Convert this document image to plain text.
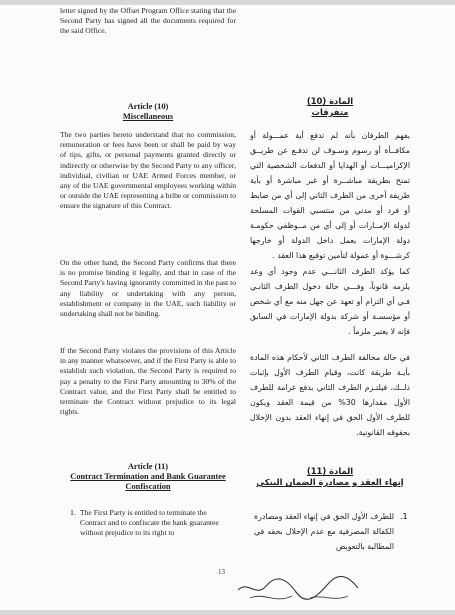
letter signed by the Offset Program Office stating that the Second Party has signed all the documents required for the said Office.

Article (10)
Miscellaneous

The two parties hereto understand that no commission, remuneration or fees have been or shall be paid by way of tips, gifts, or personal payments granted directly or indirectly or otherwise by the Second Party to any officer, individual, civilian or UAE Armed Forces member, or any of the UAE governmental employees working within or outside the UAE representing a bribe or commission to ensure the signature of this Contract.

On the other hand, the Second Party confirms that there is no promise binding it legally, and that in case of the Second Party's having ignorantly committed in the past to any liability or undertaking with any person, establishment or company in the UAE, such liability or undertaking shall not be binding.

If the Second Party violates the provisions of this Article in any manner whatsoever, and if the First Party is able to establish such violation, the Second Party is required to pay a penalty to the First Party amounting to 30% of the Contract value, and the First Party shall be entitled to terminate the Contract without prejudice to its legal rights.

Article (11)
Contract Termination and Bank Guarantee Confiscation
1. The First Party is entitled to terminate the Contract and to confiscate the bank guarantee without prejudice to its right to

المادة (10)
متفرقات

يفهم الطرفان بأنه لم تدفع أية عمـــولة أو مكافــأة أو رسوم وسـوف لن تدفـع عن طريــق الإكراميـــات أو الهدايا أو الدفعات الشخصية التي تمنح بطريقة مباشــرة أو غير مباشرة أو بأية طريقة أخرى من الطرف الثاني إلى أي من ضابط أو فرد أو مدني من منتسبي القوات المسلحة لدولة الإمــارات أو إلى أي من مــوظفي حكومـة دولة الإمارات يعمل داخل الدولة أو خارجها كرشـــوة أو عمولة لتأمين توقيع هذا العقد .

كما يؤكد الطرف الثانـــي عدم وجود أي وعد يلزمه قانوناً، وفـــي حالة دخول الطرف الثانـي فـي أي التزام أو تعهد عن جهل منه مع أي شخص أو مؤسسـة أو شركة بدولة الإمارات في السابق فإنه لا يعتبر ملزماً .

في حالة مخالفة الطرف الثاني لأحكام هذه المادة بأيـة طريقة كانت، وقيام الطرف الأول بإثبات ذلــك، فيلتـزم الطرف الثاني بدفع غرامة للطرف الأول مقدارها 30% من قيمة العقد ويكون للطرف الأول الحق في إنهاء العقد بدون الإخلال بحقوقه القانونية.

المادة (11)
إنهاء العقد و مصادرة الضمان البنكي
.1

للطرف الأول الحق في إنهاء العقد ومصادرة الكفالة المصرفية مع عدم الإخلال بحقه في المطالبة بالتعويض

13
